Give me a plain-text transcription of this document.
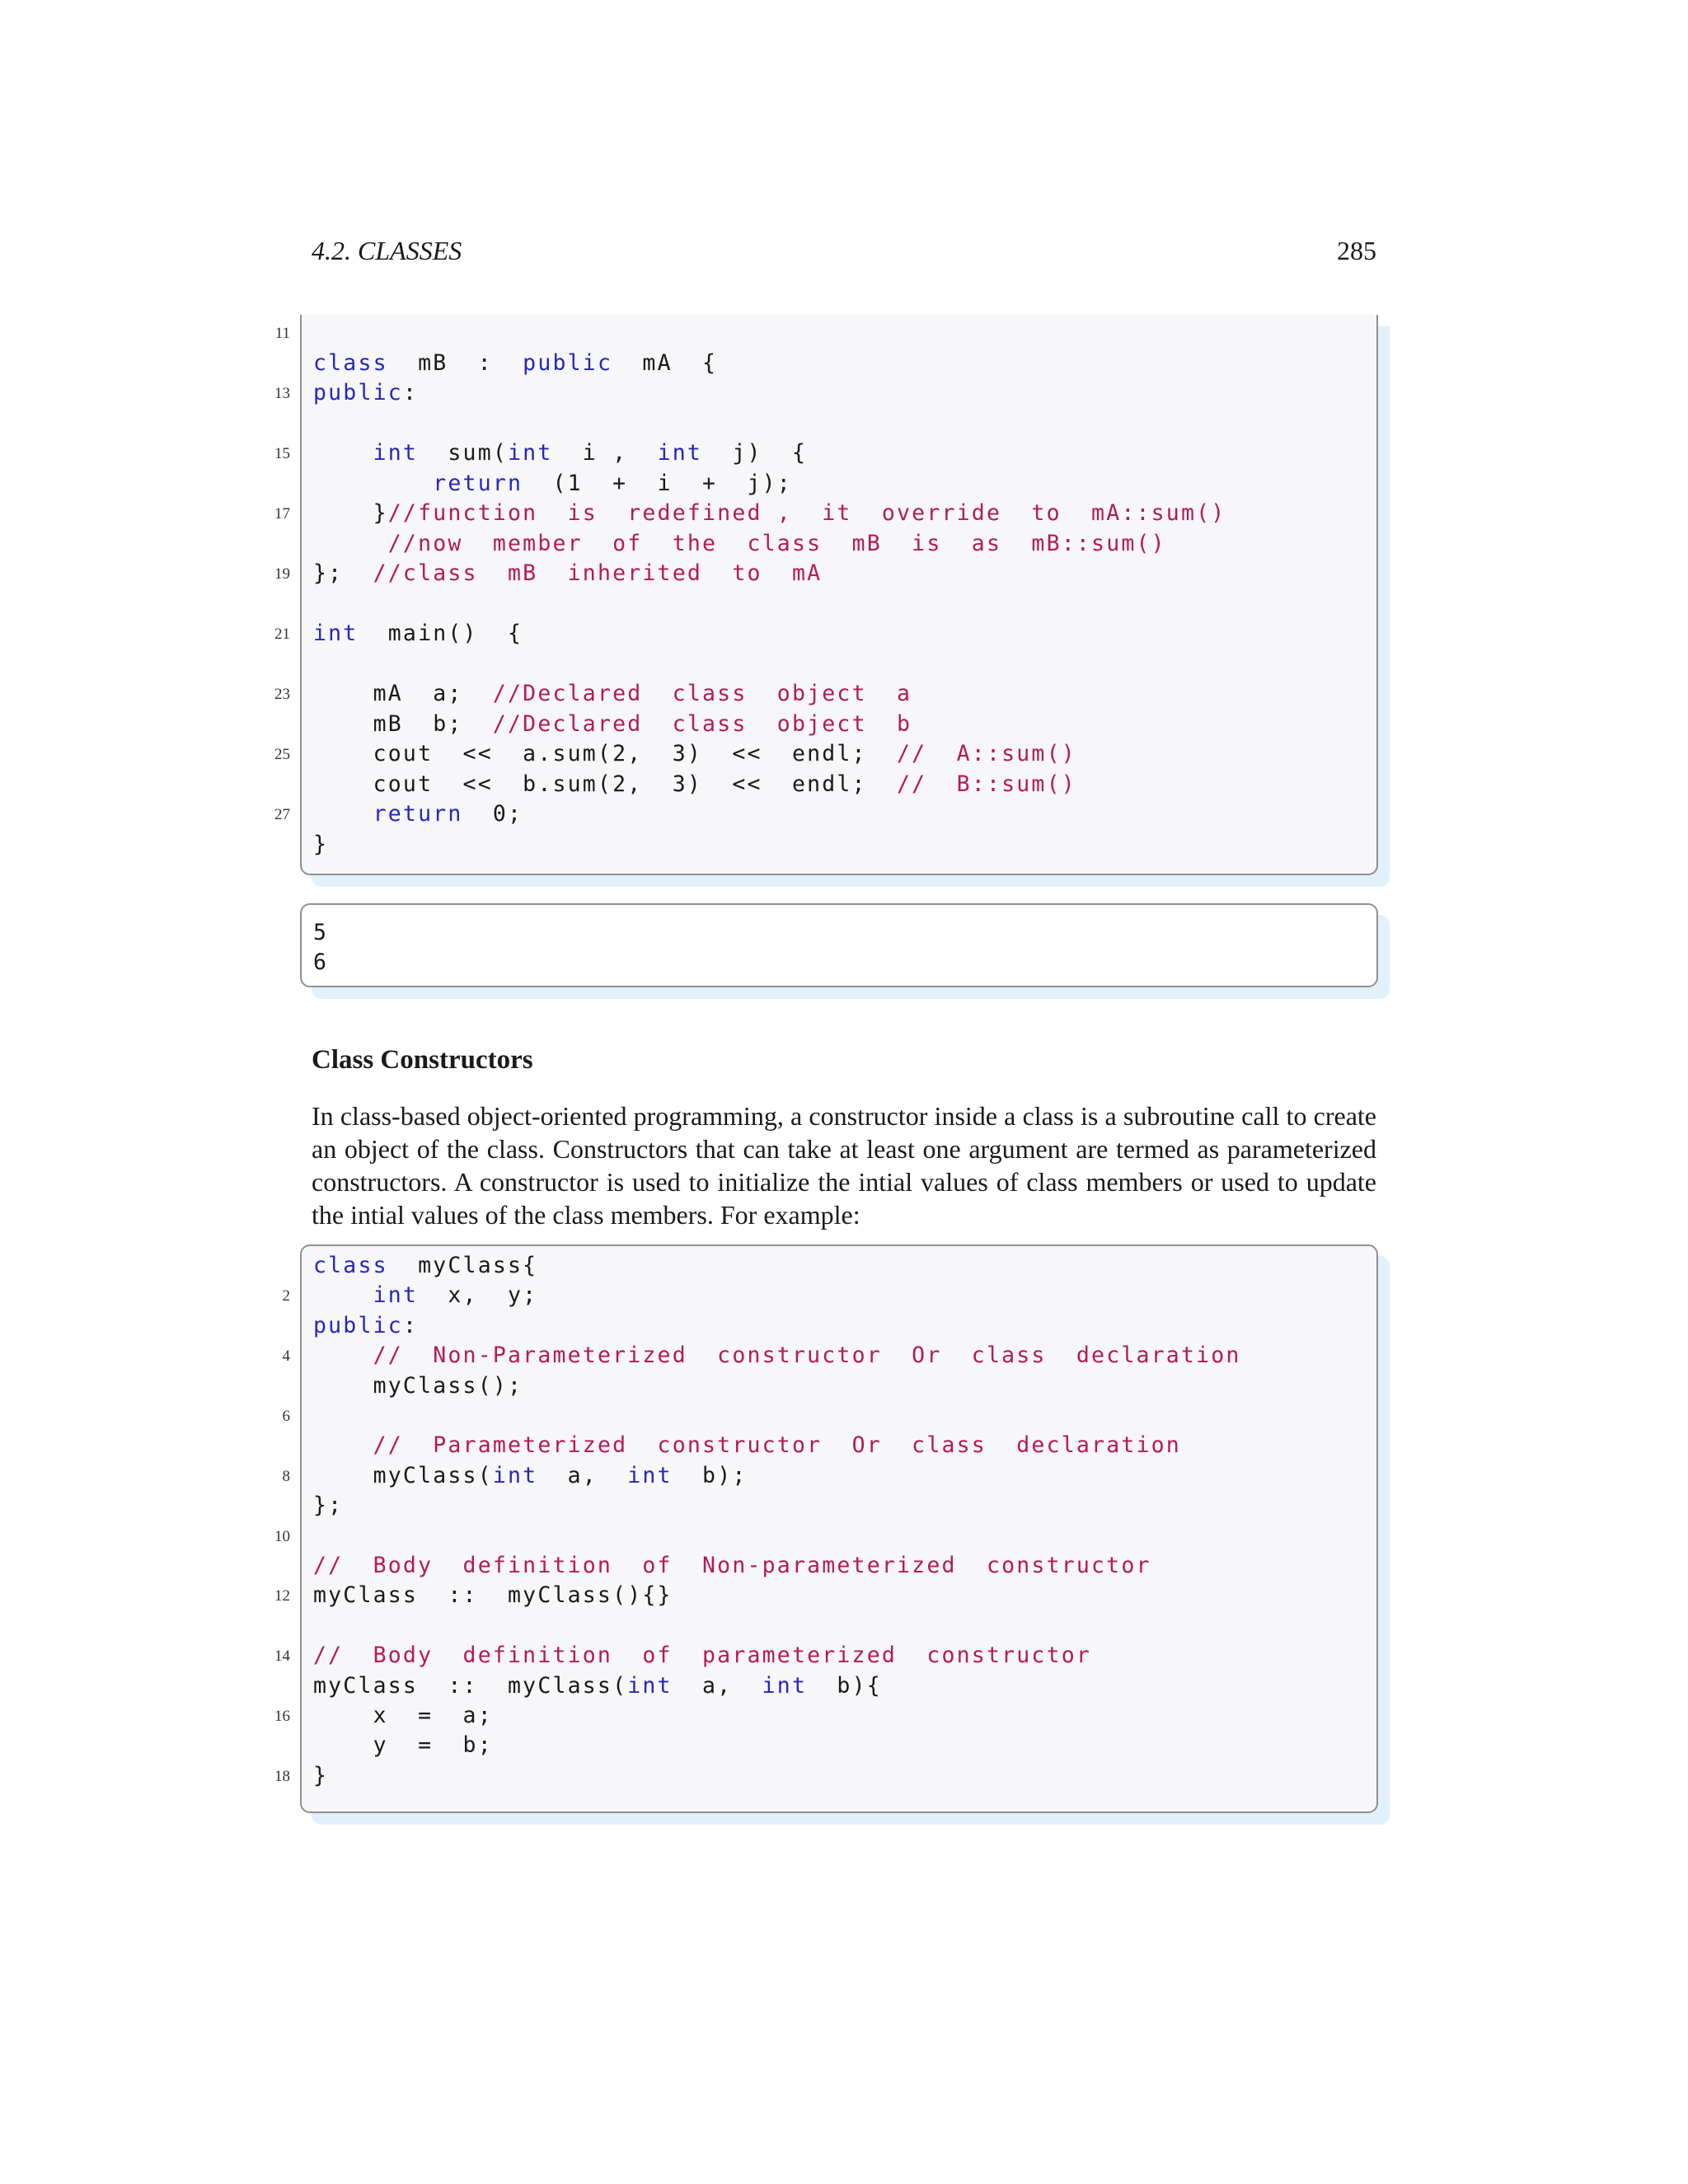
4.2. CLASSES	285
11
13
15
17
19
21
23
25
27
class  mB  :  public  mA  {
public:
int  sum(int  i ,  int  j)  {
return  (1  +  i  +  j);
}//function  is  redefined ,  it  override  to  mA::sum()
//now  member  of  the  class  mB  is  as  mB::sum()
};  //class  mB  inherited  to  mA
int  main()  {
mA  a;  //Declared  class  object  a
mB  b;  //Declared  class  object  b
cout  <<  a.sum(2,  3)  <<  endl;  //  A::sum()
cout  <<  b.sum(2,  3)  <<  endl;  //  B::sum()
return  0;
}
5
6
Class Constructors

In class-based object-oriented programming, a constructor inside a class is a subroutine call to create an object of the class. Constructors that can take at least one argument are termed as parameterized constructors. A constructor is used to initialize the intial values of class members or used to update the intial values of the class members. For example:

2
4
6
8
10
12
14
16
18
class  myClass{
int  x,  y;
public:
//  Non-Parameterized  constructor  Or  class  declaration
myClass();
//  Parameterized  constructor  Or  class  declaration
myClass(int  a,  int  b);
};
//  Body  definition  of  Non-parameterized  constructor
myClass  ::  myClass(){}
//  Body  definition  of  parameterized  constructor
myClass  ::  myClass(int  a,  int  b){
x  =  a;
y  =  b;
}
